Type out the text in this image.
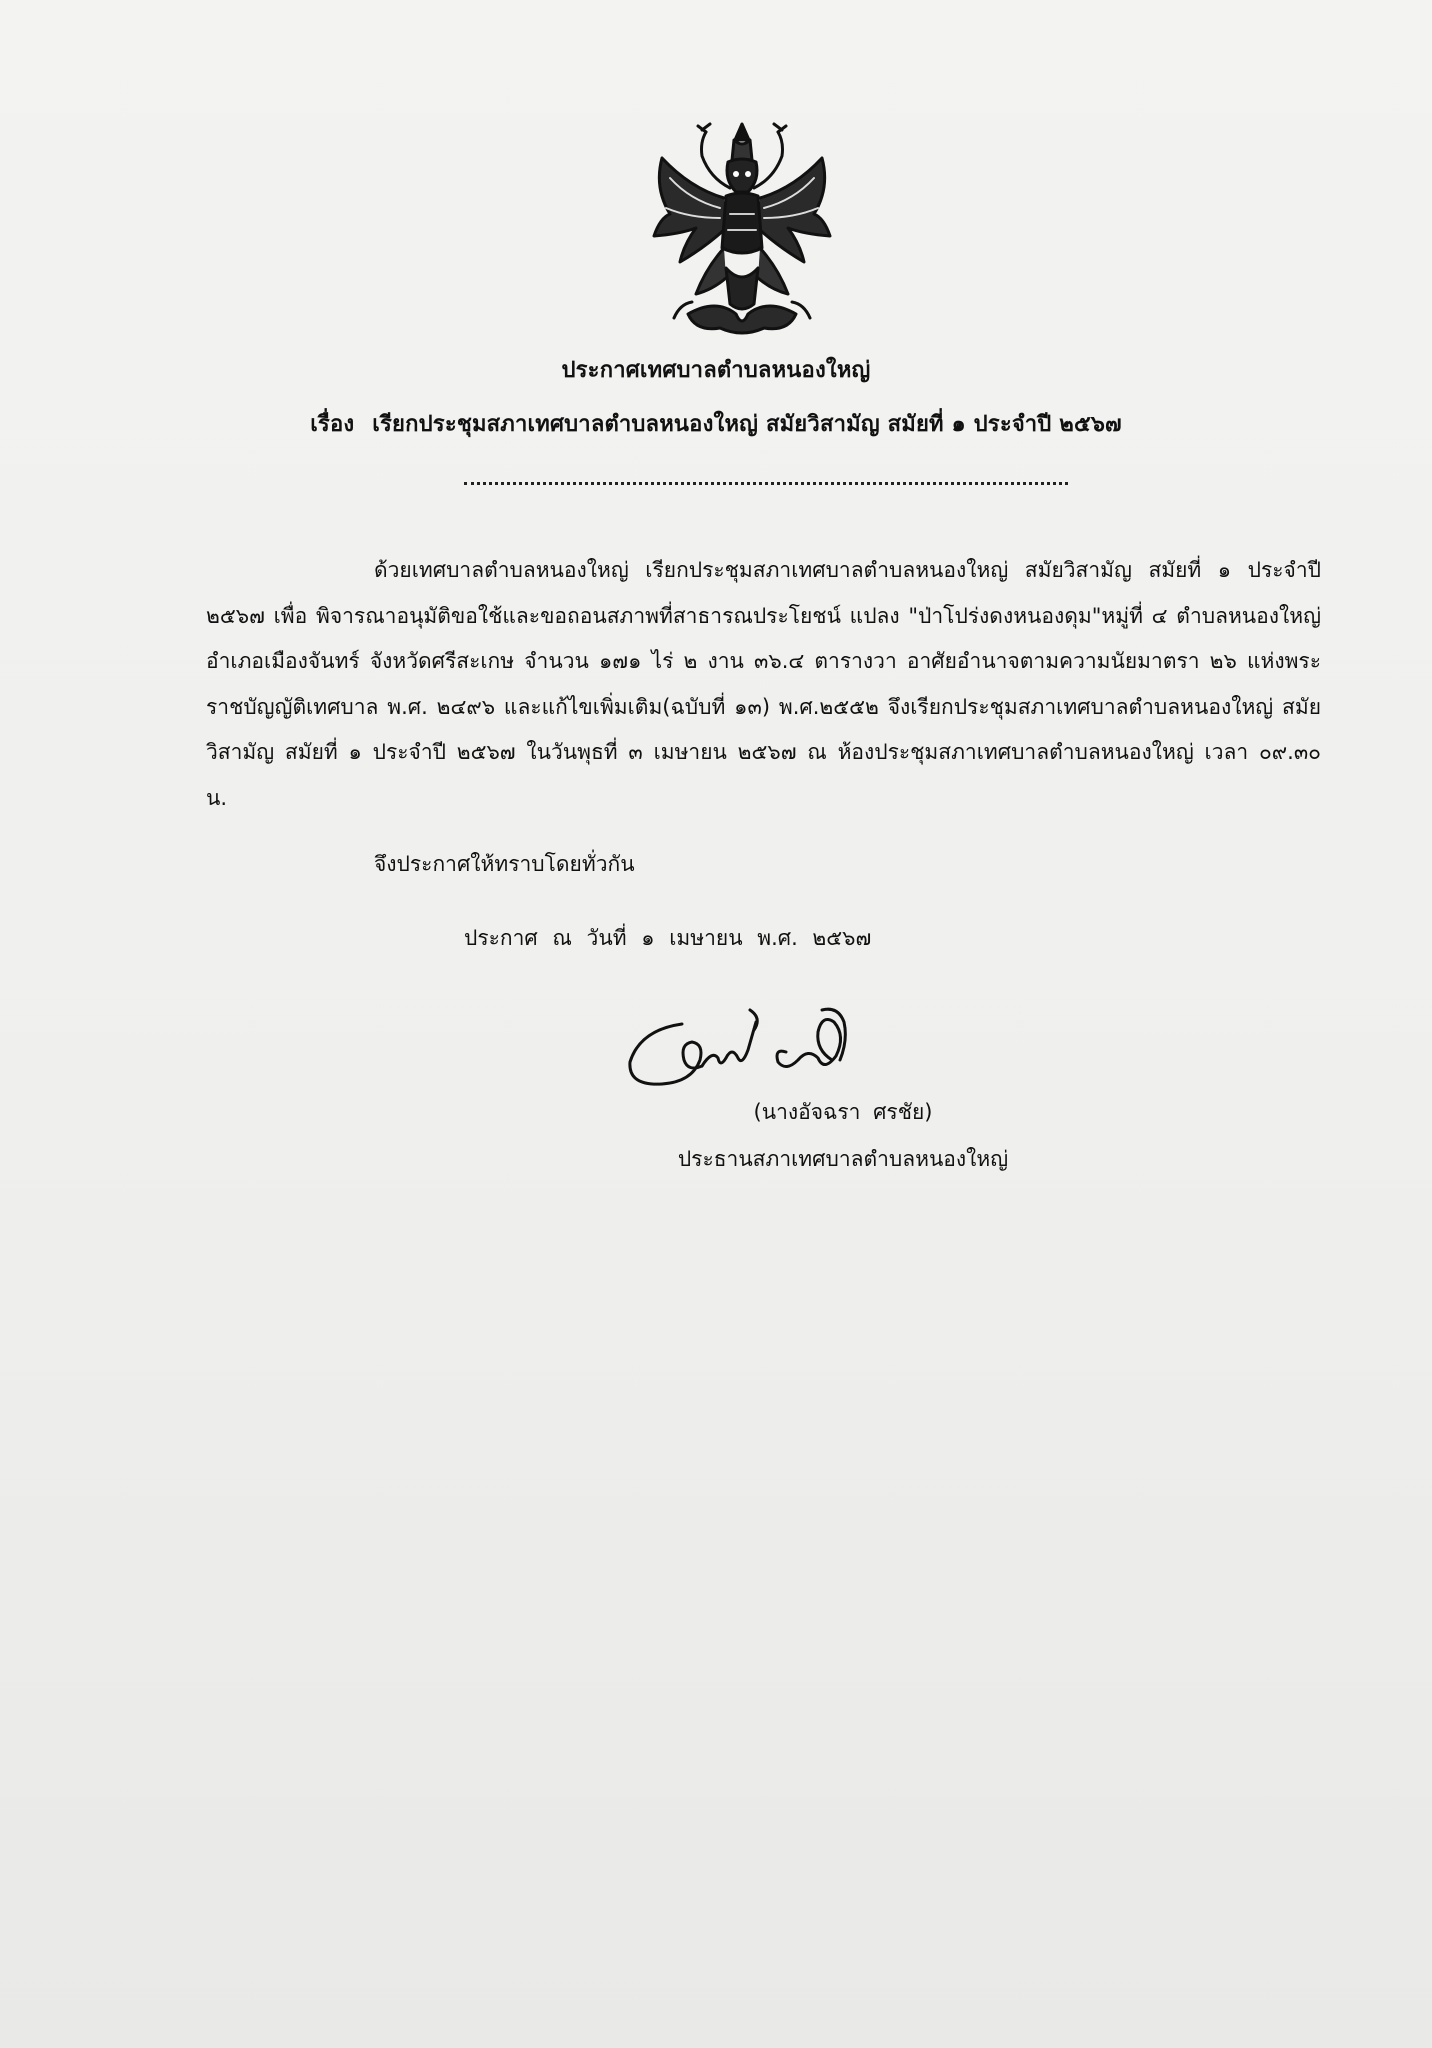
ประกาศเทศบาลตำบลหนองใหญ่
เรื่อง เรียกประชุมสภาเทศบาลตำบลหนองใหญ่ สมัยวิสามัญ สมัยที่ ๑ ประจำปี ๒๕๖๗
ด้วยเทศบาลตำบลหนองใหญ่ เรียกประชุมสภาเทศบาลตำบลหนองใหญ่ สมัยวิสามัญ สมัยที่ ๑ ประจำปี ๒๕๖๗ เพื่อ พิจารณาอนุมัติขอใช้และขอถอนสภาพที่สาธารณประโยชน์ แปลง "ป่าโปร่งดงหนองดุม"หมู่ที่ ๔ ตำบลหนองใหญ่ อำเภอเมืองจันทร์ จังหวัดศรีสะเกษ จำนวน ๑๗๑ ไร่ ๒ งาน ๓๖.๔ ตารางวา อาศัยอำนาจตามความนัยมาตรา ๒๖ แห่งพระราชบัญญัติเทศบาล พ.ศ. ๒๔๙๖ และแก้ไขเพิ่มเติม(ฉบับที่ ๑๓) พ.ศ.๒๕๕๒ จึงเรียกประชุมสภาเทศบาลตำบลหนองใหญ่ สมัยวิสามัญ สมัยที่ ๑ ประจำปี ๒๕๖๗ ในวันพุธที่ ๓ เมษายน ๒๕๖๗ ณ ห้องประชุมสภาเทศบาลตำบลหนองใหญ่ เวลา ๐๙.๓๐ น.
จึงประกาศให้ทราบโดยทั่วกัน
ประกาศ ณ วันที่ ๑ เมษายน พ.ศ. ๒๕๖๗
(นางอัจฉรา ศรชัย)
ประธานสภาเทศบาลตำบลหนองใหญ่
